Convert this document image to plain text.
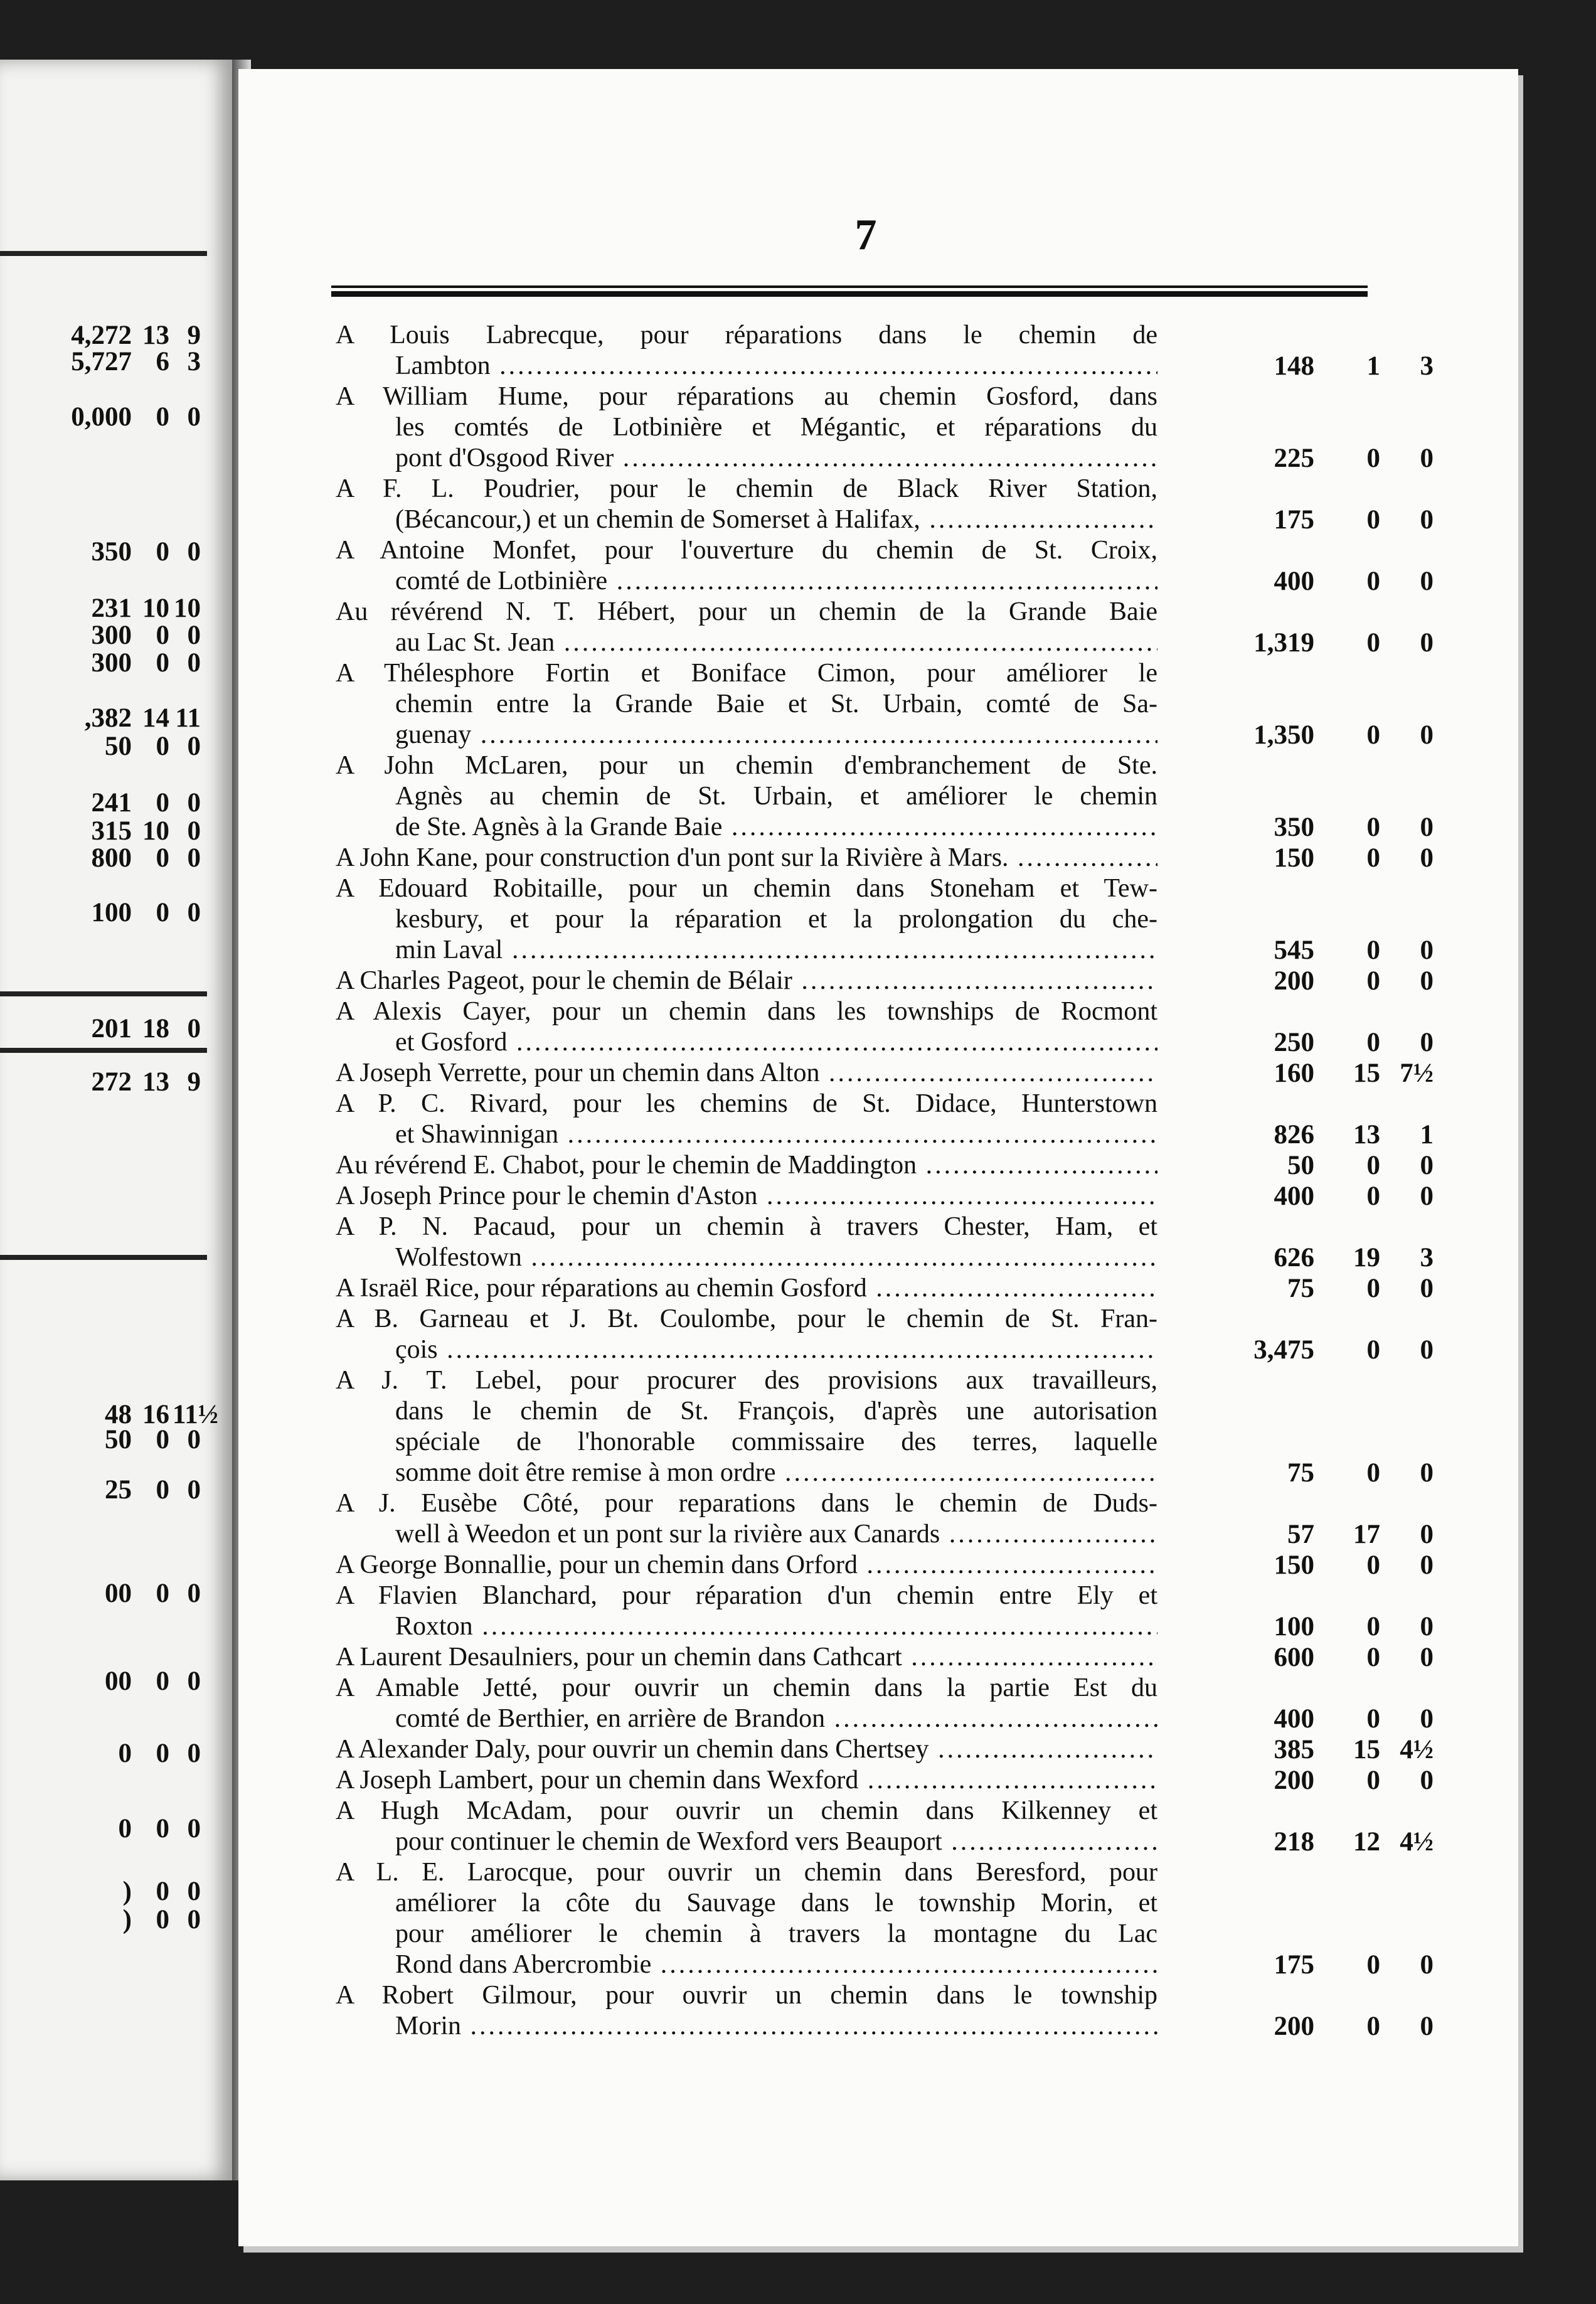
4,272 13 9
5,727 6 3
0,000 0 0
350 0 0
231 10 10
300 0 0
300 0 0
,382 14 11
50 0 0
241 0 0
315 10 0
800 0 0
100 0 0
201 18 0
272 13 9
48 16 11½
50 0 0
25 0 0
00 0 0
00 0 0
0 0 0
0 0 0
) 0 0
) 0 0
7
A Louis Labrecque, pour réparations dans le chemin de
Lambton .....	148	1	3
A William Hume, pour réparations au chemin Gosford, dans
les comtés de Lotbinière et Mégantic, et réparations du
pont d'Osgood River .....	225	0	0
A F. L. Poudrier, pour le chemin de Black River Station,
(Bécancour,) et un chemin de Somerset à Halifax, .....	175	0	0
A Antoine Monfet, pour l'ouverture du chemin de St. Croix,
comté de Lotbinière .....	400	0	0
Au révérend N. T. Hébert, pour un chemin de la Grande Baie
au Lac St. Jean .....	1,319	0	0
A Thélesphore Fortin et Boniface Cimon, pour améliorer le
chemin entre la Grande Baie et St. Urbain, comté de Sa-
guenay .....	1,350	0	0
A John McLaren, pour un chemin d'embranchement de Ste.
Agnès au chemin de St. Urbain, et améliorer le chemin
de Ste. Agnès à la Grande Baie .....	350	0	0
A John Kane, pour construction d'un pont sur la Rivière à Mars. .....	150	0	0
A Edouard Robitaille, pour un chemin dans Stoneham et Tew-
kesbury, et pour la réparation et la prolongation du che-
min Laval .....	545	0	0
A Charles Pageot, pour le chemin de Bélair .....	200	0	0
A Alexis Cayer, pour un chemin dans les townships de Rocmont
et Gosford .....	250	0	0
A Joseph Verrette, pour un chemin dans Alton .....	160	15 7½
A P. C. Rivard, pour les chemins de St. Didace, Hunterstown
et Shawinnigan .....	826	13	1
Au révérend E. Chabot, pour le chemin de Maddington .....	50	0	0
A Joseph Prince pour le chemin d'Aston .....	400	0	0
A P. N. Pacaud, pour un chemin à travers Chester, Ham, et
Wolfestown .....	626	19	3
A Israël Rice, pour réparations au chemin Gosford .....	75	0	0
A B. Garneau et J. Bt. Coulombe, pour le chemin de St. Fran-
çois .....	3,475	0	0
A J. T. Lebel, pour procurer des provisions aux travailleurs,
dans le chemin de St. François, d'après une autorisation
spéciale de l'honorable commissaire des terres, laquelle
somme doit être remise à mon ordre .....	75	0	0
A J. Eusèbe Côté, pour reparations dans le chemin de Duds-
well à Weedon et un pont sur la rivière aux Canards .....	57	17	0
A George Bonnallie, pour un chemin dans Orford .....	150	0	0
A Flavien Blanchard, pour réparation d'un chemin entre Ely et
Roxton .....	100	0	0
A Laurent Desaulniers, pour un chemin dans Cathcart .....	600	0	0
A Amable Jetté, pour ouvrir un chemin dans la partie Est du
comté de Berthier, en arrière de Brandon .....	400	0	0
A Alexander Daly, pour ouvrir un chemin dans Chertsey .....	385	15 4½
A Joseph Lambert, pour un chemin dans Wexford .....	200	0	0
A Hugh McAdam, pour ouvrir un chemin dans Kilkenney et
pour continuer le chemin de Wexford vers Beauport .....	218	12 4½
A L. E. Larocque, pour ouvrir un chemin dans Beresford, pour
améliorer la côte du Sauvage dans le township Morin, et
pour améliorer le chemin à travers la montagne du Lac
Rond dans Abercrombie .....	175	0	0
A Robert Gilmour, pour ouvrir un chemin dans le township
Morin .....	200	0	0
